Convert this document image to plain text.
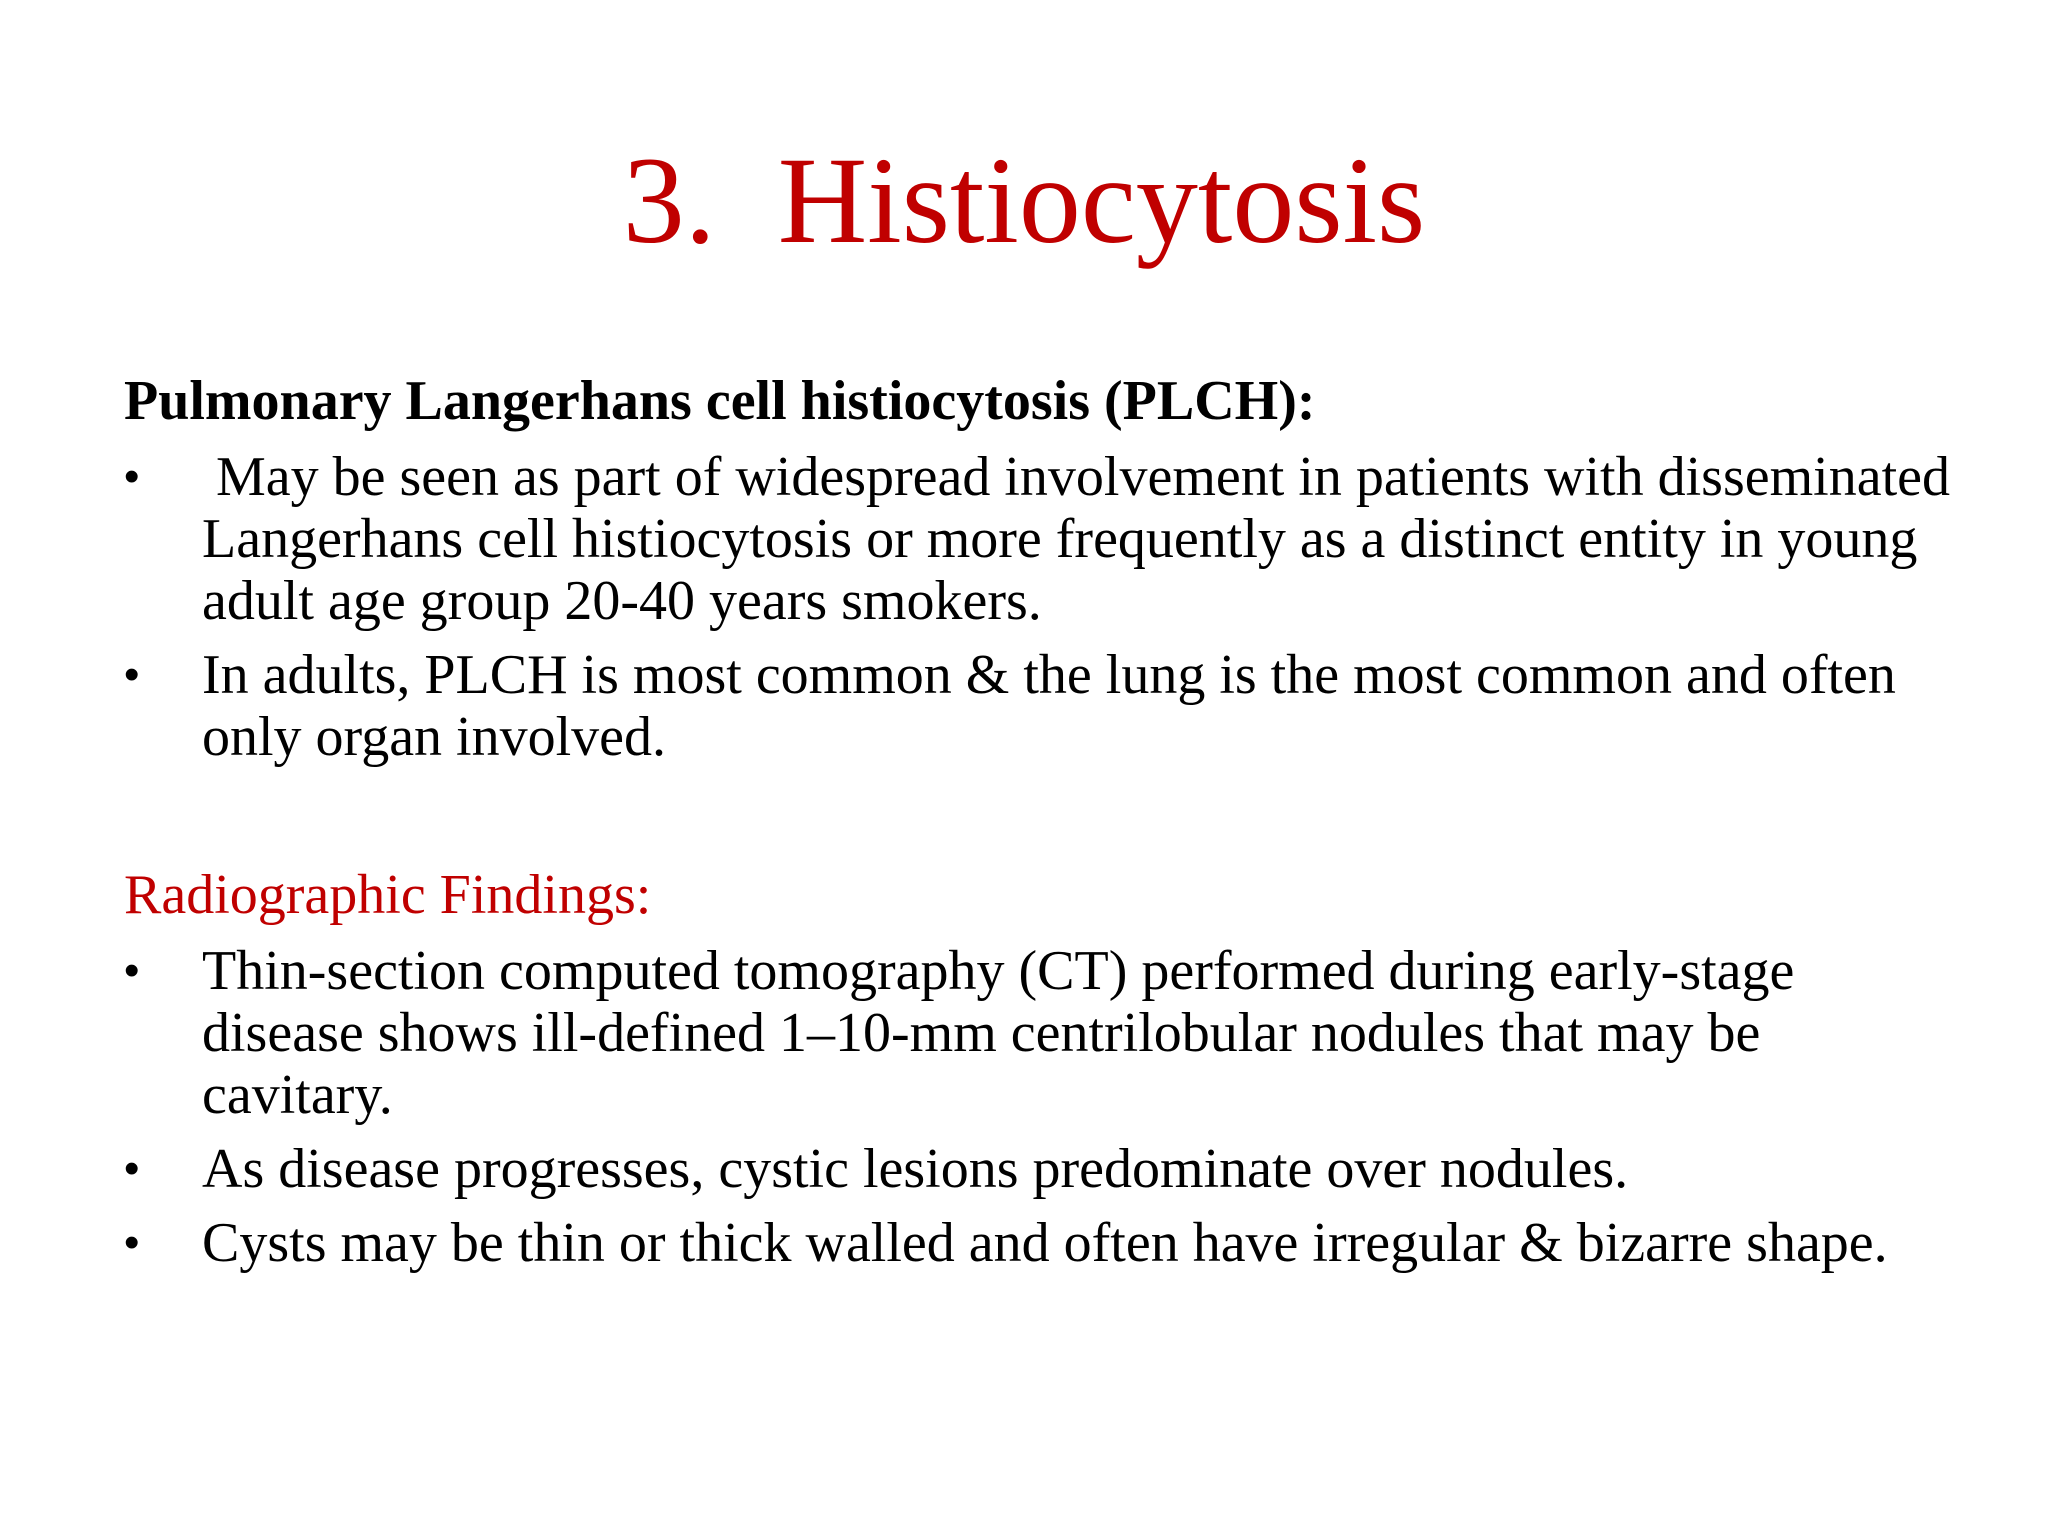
3. Histiocytosis

Pulmonary Langerhans cell histiocytosis (PLCH):

•	May be seen as part of widespread involvement in patients with disseminated Langerhans cell histiocytosis or more frequently as a distinct entity in young adult age group 20-40 years smokers.
•	In adults, PLCH is most common & the lung is the most common and often only organ involved.

Radiographic Findings:

•	Thin-section computed tomography (CT) performed during early-stage disease shows ill-defined 1–10-mm centrilobular nodules that may be cavitary.
•	As disease progresses, cystic lesions predominate over nodules.
•	Cysts may be thin or thick walled and often have irregular & bizarre shape.
